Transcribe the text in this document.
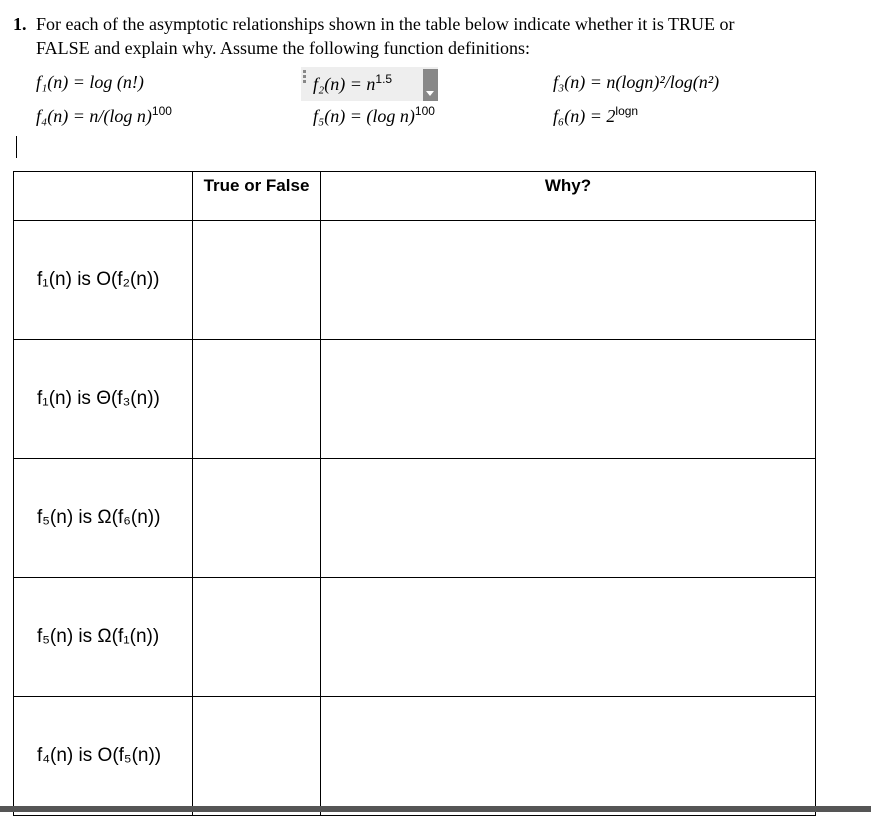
1. For each of the asymptotic relationships shown in the table below indicate whether it is TRUE or
FALSE and explain why. Assume the following function definitions:
f₁(n) = log (n!)	$f_2(n) = n^{1.5}$	f₃(n) = n(logn)²/log(n²)
f₄(n) = n/(log n)$^{100}$	f₅(n) = (log n)$^{100}$	$f_6(n) = 2^{logn}$
	True or False	Why?
f₁(n) is O(f₂(n))		
f₁(n) is Θ(f₃(n))		
f₅(n) is Ω(f₆(n))		
f₅(n) is Ω(f₁(n))		
f₄(n) is O(f₅(n))		
